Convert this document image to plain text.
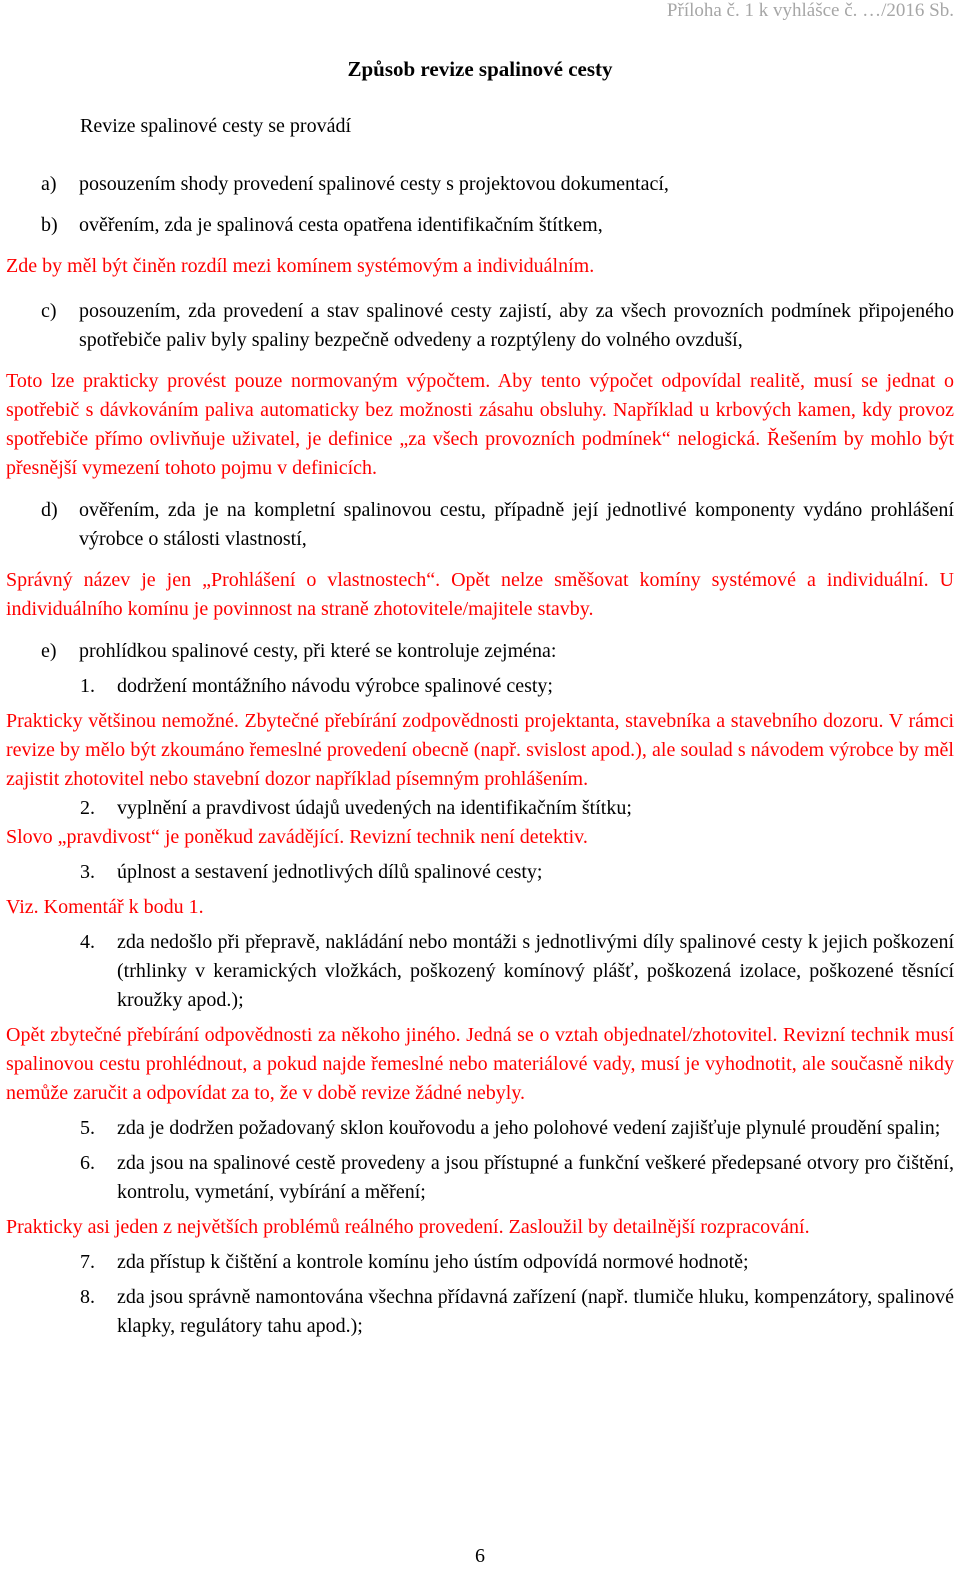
Příloha č. 1 k vyhlášce č. …/2016 Sb.

Způsob revize spalinové cesty

Revize spalinové cesty se provádí

a)	posouzením shody provedení spalinové cesty s projektovou dokumentací,
b)	ověřením, zda je spalinová cesta opatřena identifikačním štítkem,

Zde by měl být činěn rozdíl mezi komínem systémovým a individuálním.

c)	posouzením, zda provedení a stav spalinové cesty zajistí, aby za všech provozních podmínek připojeného spotřebiče paliv byly spaliny bezpečně odvedeny a rozptýleny do volného ovzduší,

Toto lze prakticky provést pouze normovaným výpočtem. Aby tento výpočet odpovídal realitě, musí se jednat o spotřebič s dávkováním paliva automaticky bez možnosti zásahu obsluhy. Například u krbových kamen, kdy provoz spotřebiče přímo ovlivňuje uživatel, je definice „za všech provozních podmínek“ nelogická. Řešením by mohlo být přesnější vymezení tohoto pojmu v definicích.

d)	ověřením, zda je na kompletní spalinovou cestu, případně její jednotlivé komponenty vydáno prohlášení výrobce o stálosti vlastností,

Správný název je jen „Prohlášení o vlastnostech“. Opět nelze směšovat komíny systémové a individuální. U individuálního komínu je povinnost na straně zhotovitele/majitele stavby.

e)	prohlídkou spalinové cesty, při které se kontroluje zejména:
1.	dodržení montážního návodu výrobce spalinové cesty;

Prakticky většinou nemožné. Zbytečné přebírání zodpovědnosti projektanta, stavebníka a stavebního dozoru. V rámci revize by mělo být zkoumáno řemeslné provedení obecně (např. svislost apod.), ale soulad s návodem výrobce by měl zajistit zhotovitel nebo stavební dozor například písemným prohlášením.

2.	vyplnění a pravdivost údajů uvedených na identifikačním štítku;

Slovo „pravdivost“ je poněkud zavádějící. Revizní technik není detektiv.

3.	úplnost a sestavení jednotlivých dílů spalinové cesty;

Viz. Komentář k bodu 1.

4.	zda nedošlo při přepravě, nakládání nebo montáži s jednotlivými díly spalinové cesty k jejich poškození (trhlinky v keramických vložkách, poškozený komínový plášť, poškozená izolace, poškozené těsnící kroužky apod.);

Opět zbytečné přebírání odpovědnosti za někoho jiného. Jedná se o vztah objednatel/zhotovitel. Revizní technik musí spalinovou cestu prohlédnout, a pokud najde řemeslné nebo materiálové vady, musí je vyhodnotit, ale současně nikdy nemůže zaručit a odpovídat za to, že v době revize žádné nebyly.

5.	zda je dodržen požadovaný sklon kouřovodu a jeho polohové vedení zajišťuje plynulé proudění spalin;
6.	zda jsou na spalinové cestě provedeny a jsou přístupné a funkční veškeré předepsané otvory pro čištění, kontrolu, vymetání, vybírání a měření;

Prakticky asi jeden z největších problémů reálného provedení. Zasloužil by detailnější rozpracování.

7.	zda přístup k čištění a kontrole komínu jeho ústím odpovídá normové hodnotě;
8.	zda jsou správně namontována všechna přídavná zařízení (např. tlumiče hluku, kompenzátory, spalinové klapky, regulátory tahu apod.);

6
